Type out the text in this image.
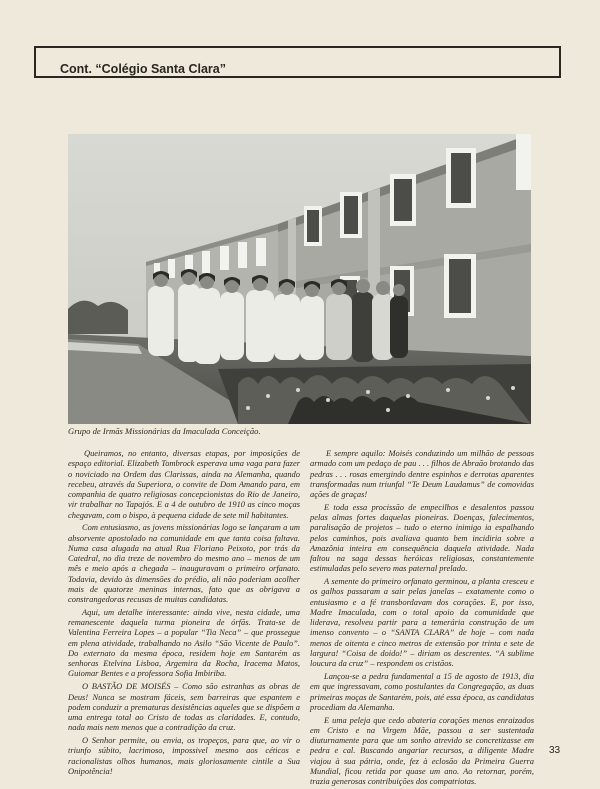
Cont. “Colégio Santa Clara”
Grupo de Irmãs Missionárias da Imaculada Conceição.

Queiramos, no entanto, diversas etapas, por imposições de espaço editorial. Elizabeth Tombrock esperava uma vaga para fazer o noviciado na Ordem das Clarissas, ainda na Alemanha, quando recebeu, através da Superiora, o convite de Dom Amando para, em companhia de quatro religiosas concepcionistas do Rio de Janeiro, vir trabalhar no Tapajós. E a 4 de outubro de 1910 as cinco moças chegavam, com o bispo, à pequena cidade de sete mil habitantes.

Com entusiasmo, as jovens missionárias logo se lançaram a um absorvente apostolado na comunidade em que tanta coisa faltava. Numa casa alugada na atual Rua Floriano Peixoto, por trás da Catedral, no dia treze de novembro do mesmo ano – menos de um mês e meio após a chegada – inauguravam o primeiro orfanato. Todavia, devido às dimensões do prédio, ali não poderiam acolher mais de quatorze meninas internas, fato que as obrigava a constrangedoras recusas de muitas candidatas.

Aqui, um detalhe interessante: ainda vive, nesta cidade, uma remanescente daquela turma pioneira de órfãs. Trata-se de Valentina Ferreira Lopes – a popular “Tia Neca” – que prossegue em plena atividade, trabalhando no Asilo “São Vicente de Paulo”. Do externato da mesma época, residem hoje em Santarém as senhoras Etelvina Lisboa, Argemira da Rocha, Iracema Matos, Guiomar Bentes e a professora Sofia Imbiriba.

O BASTÃO DE MOISÉS – Como são estranhas as obras de Deus! Nunca se mostram fáceis, sem barreiras que espantem e podem conduzir a prematuras desistências aqueles que se dispõem a uma entrega total ao Cristo de todas as claridades. E, contudo, nada mais nem menos que a contradição da cruz.

O Senhor permite, ou envia, os tropeços, para que, ao vir o triunfo súbito, lacrimoso, impossivel mesmo aos céticos e racionalistas olhos humanos, mais gloriosamente cintile a Sua Onipotência!

E sempre aquilo: Moisés conduzindo um milhão de pessoas armado com um pedaço de pau . . . filhos de Abraão brotando das pedras . . . rosas emergindo dentre espinhos e derrotas aparentes transformadas num triunfal “Te Deum Laudamus” de comovidas ações de graças!

E toda essa procissão de empecilhos e desalentos passou pelas almas fortes daquelas pioneiras. Doenças, falecimentos, paralisação de projetos – tudo o eterno inimigo ia espalhando pelos caminhos, pois avaliava quanto bem incidiria sobre a Amazônia inteira em consequência daquela atividade. Nada faltou na saga dessas heróicas religiosas, constantemente estimuladas pelo severo mas paternal prelado.

A semente do primeiro orfanato germinou, a planta cresceu e os galhos passaram a sair pelas janelas – exatamente como o entusiasmo e a fé transbordavam dos corações. E, por isso, Madre Imaculada, com o total apoio da comunidade que liderava, resolveu partir para a temerária construção de um imenso convento – o “SANTA CLARA” de hoje – com nada menos de oitenta e cinco metros de extensão por trinta e sete de largura! “Coisa de doido!” – diriam os descrentes. “A sublime loucura da cruz” – respondem os cristãos.

Lançou-se a pedra fundamental a 15 de agosto de 1913, dia em que ingressavam, como postulantes da Congregação, as duas primeiras moças de Santarém, pois, até essa época, as candidatas procediam da Alemanha.

E uma peleja que cedo abateria corações menos enraizados em Cristo e na Virgem Mãe, passou a ser sustentada diuturnamente para que um sonho atrevido se concretizasse em pedra e cal. Buscando angariar recursos, a diligente Madre viajou à sua pátria, onde, fez à eclosão da Primeira Guerra Mundial, ficou retida por quase um ano. Ao retornar, porém, trazia generosas contribuições dos compatriotas.

33
